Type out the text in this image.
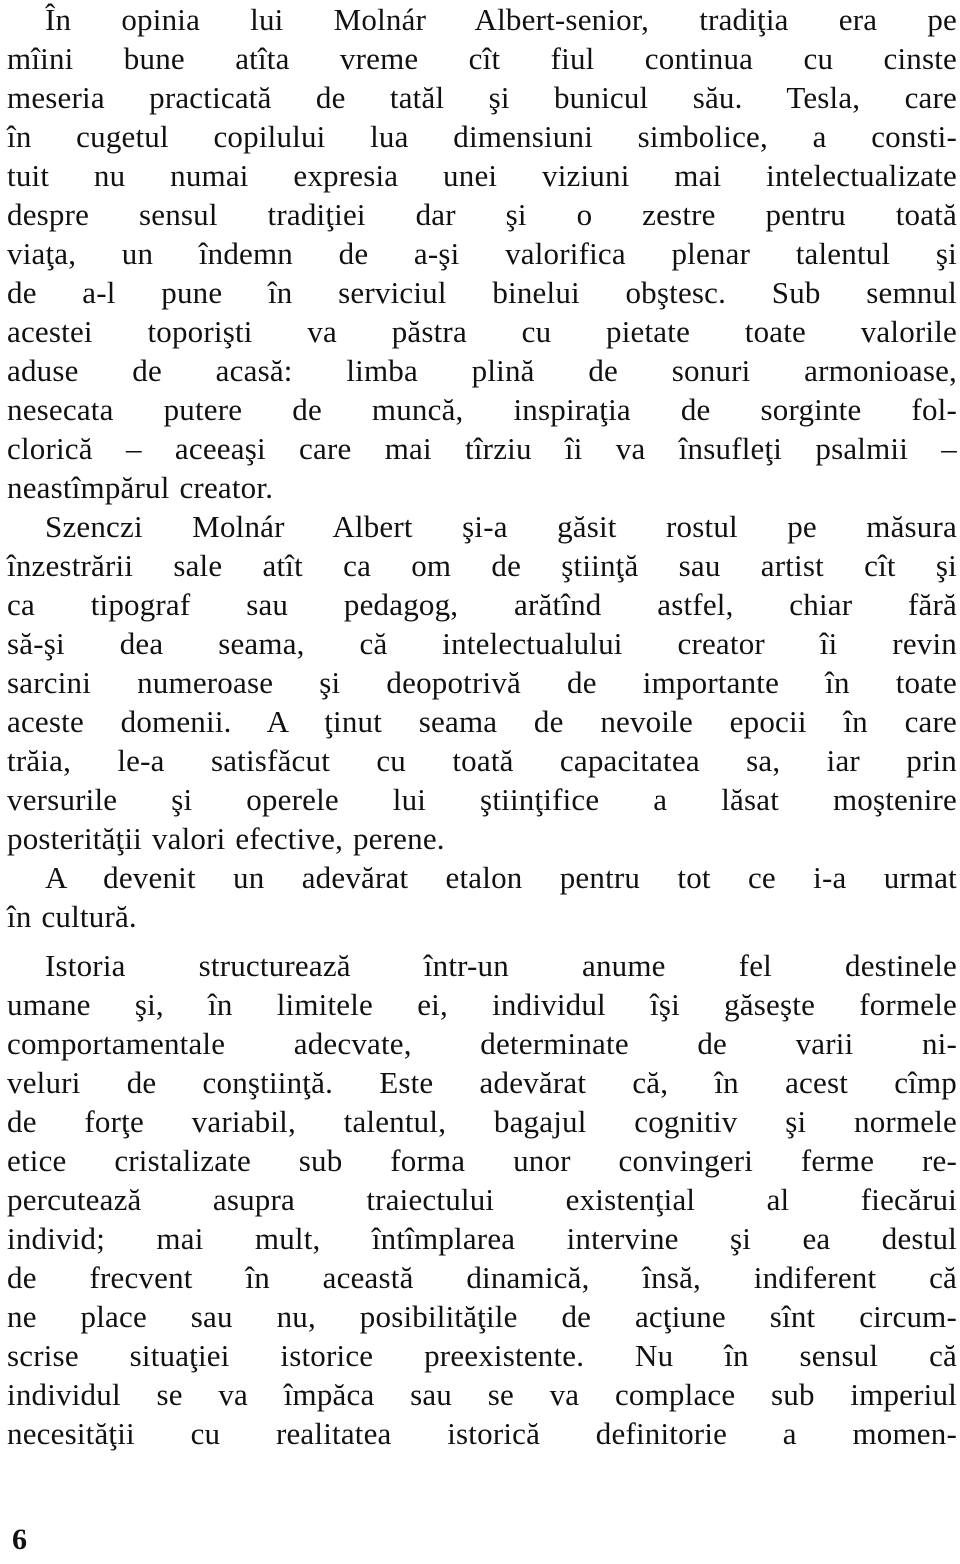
În opinia lui Molnár Albert-senior, tradiţia era pe
mîini bune atîta vreme cît fiul continua cu cinste
meseria practicată de tatăl şi bunicul său. Tesla, care
în cugetul copilului lua dimensiuni simbolice, a consti-
tuit nu numai expresia unei viziuni mai intelectualizate
despre sensul tradiţiei dar şi o zestre pentru toată
viaţa, un îndemn de a-şi valorifica plenar talentul şi
de a-l pune în serviciul binelui obştesc. Sub semnul
acestei toporişti va păstra cu pietate toate valorile
aduse de acasă: limba plină de sonuri armonioase,
nesecata putere de muncă, inspiraţia de sorginte fol-
clorică – aceeaşi care mai tîrziu îi va însufleţi psalmii –
neastîmpărul creator.
Szenczi Molnár Albert şi-a găsit rostul pe măsura
înzestrării sale atît ca om de ştiinţă sau artist cît şi
ca tipograf sau pedagog, arătînd astfel, chiar fără
să-şi dea seama, că intelectualului creator îi revin
sarcini numeroase şi deopotrivă de importante în toate
aceste domenii. A ţinut seama de nevoile epocii în care
trăia, le-a satisfăcut cu toată capacitatea sa, iar prin
versurile şi operele lui ştiinţifice a lăsat moştenire
posterităţii valori efective, perene.
A devenit un adevărat etalon pentru tot ce i-a urmat
în cultură.
Istoria structurează într-un anume fel destinele
umane şi, în limitele ei, individul îşi găseşte formele
comportamentale adecvate, determinate de varii ni-
veluri de conştiinţă. Este adevărat că, în acest cîmp
de forţe variabil, talentul, bagajul cognitiv şi normele
etice cristalizate sub forma unor convingeri ferme re-
percutează asupra traiectului existenţial al fiecărui
individ; mai mult, întîmplarea intervine şi ea destul
de frecvent în această dinamică, însă, indiferent că
ne place sau nu, posibilităţile de acţiune sînt circum-
scrise situaţiei istorice preexistente. Nu în sensul că
individul se va împăca sau se va complace sub imperiul
necesităţii cu realitatea istorică definitorie a momen-
6
